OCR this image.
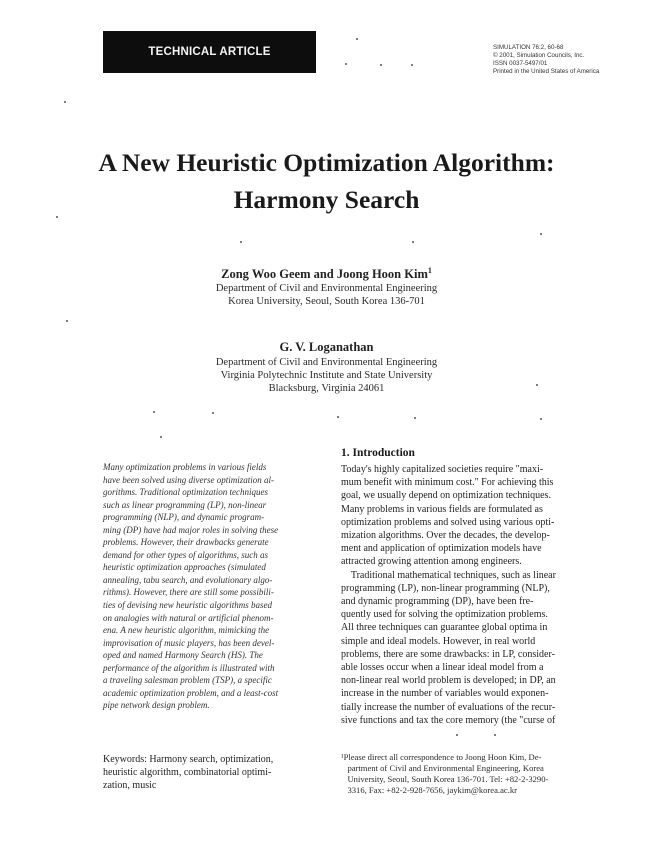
TECHNICAL ARTICLE	SIMULATION 76:2, 60-68
© 2001, Simulation Councils, Inc.
ISSN 0037-5497/01
Printed in the United States of America
A New Heuristic Optimization Algorithm:
Harmony Search
Zong Woo Geem and Joong Hoon Kim$^1$
Department of Civil and Environmental Engineering
Korea University, Seoul, South Korea 136-701
G. V. Loganathan
Department of Civil and Environmental Engineering
Virginia Polytechnic Institute and State University
Blacksburg, Virginia 24061
Many optimization problems in various fields
have been solved using diverse optimization al-
gorithms. Traditional optimization techniques
such as linear programming (LP), non-linear
programming (NLP), and dynamic program-
ming (DP) have had major roles in solving these
problems. However, their drawbacks generate
demand for other types of algorithms, such as
heuristic optimization approaches (simulated
annealing, tabu search, and evolutionary algo-
rithms). However, there are still some possibili-
ties of devising new heuristic algorithms based
on analogies with natural or artificial phenom-
ena. A new heuristic algorithm, mimicking the
improvisation of music players, has been devel-
oped and named Harmony Search (HS). The
performance of the algorithm is illustrated with
a traveling salesman problem (TSP), a specific
academic optimization problem, and a least-cost
pipe network design problem.
Keywords: Harmony search, optimization,
heuristic algorithm, combinatorial optimi-
zation, music
1. Introduction
Today's highly capitalized societies require "maxi-
mum benefit with minimum cost." For achieving this
goal, we usually depend on optimization techniques.
Many problems in various fields are formulated as
optimization problems and solved using various opti-
mization algorithms. Over the decades, the develop-
ment and application of optimization models have
attracted growing attention among engineers.
Traditional mathematical techniques, such as linear
programming (LP), non-linear programming (NLP),
and dynamic programming (DP), have been fre-
quently used for solving the optimization problems.
All three techniques can guarantee global optima in
simple and ideal models. However, in real world
problems, there are some drawbacks: in LP, consider-
able losses occur when a linear ideal model from a
non-linear real world problem is developed; in DP, an
increase in the number of variables would exponen-
tially increase the number of evaluations of the recur-
sive functions and tax the core memory (the "curse of
¹Please direct all correspondence to Joong Hoon Kim, De-
partment of Civil and Environmental Engineering, Korea
University, Seoul, South Korea 136-701. Tel: +82-2-3290-
3316, Fax: +82-2-928-7656, jaykim@korea.ac.kr
